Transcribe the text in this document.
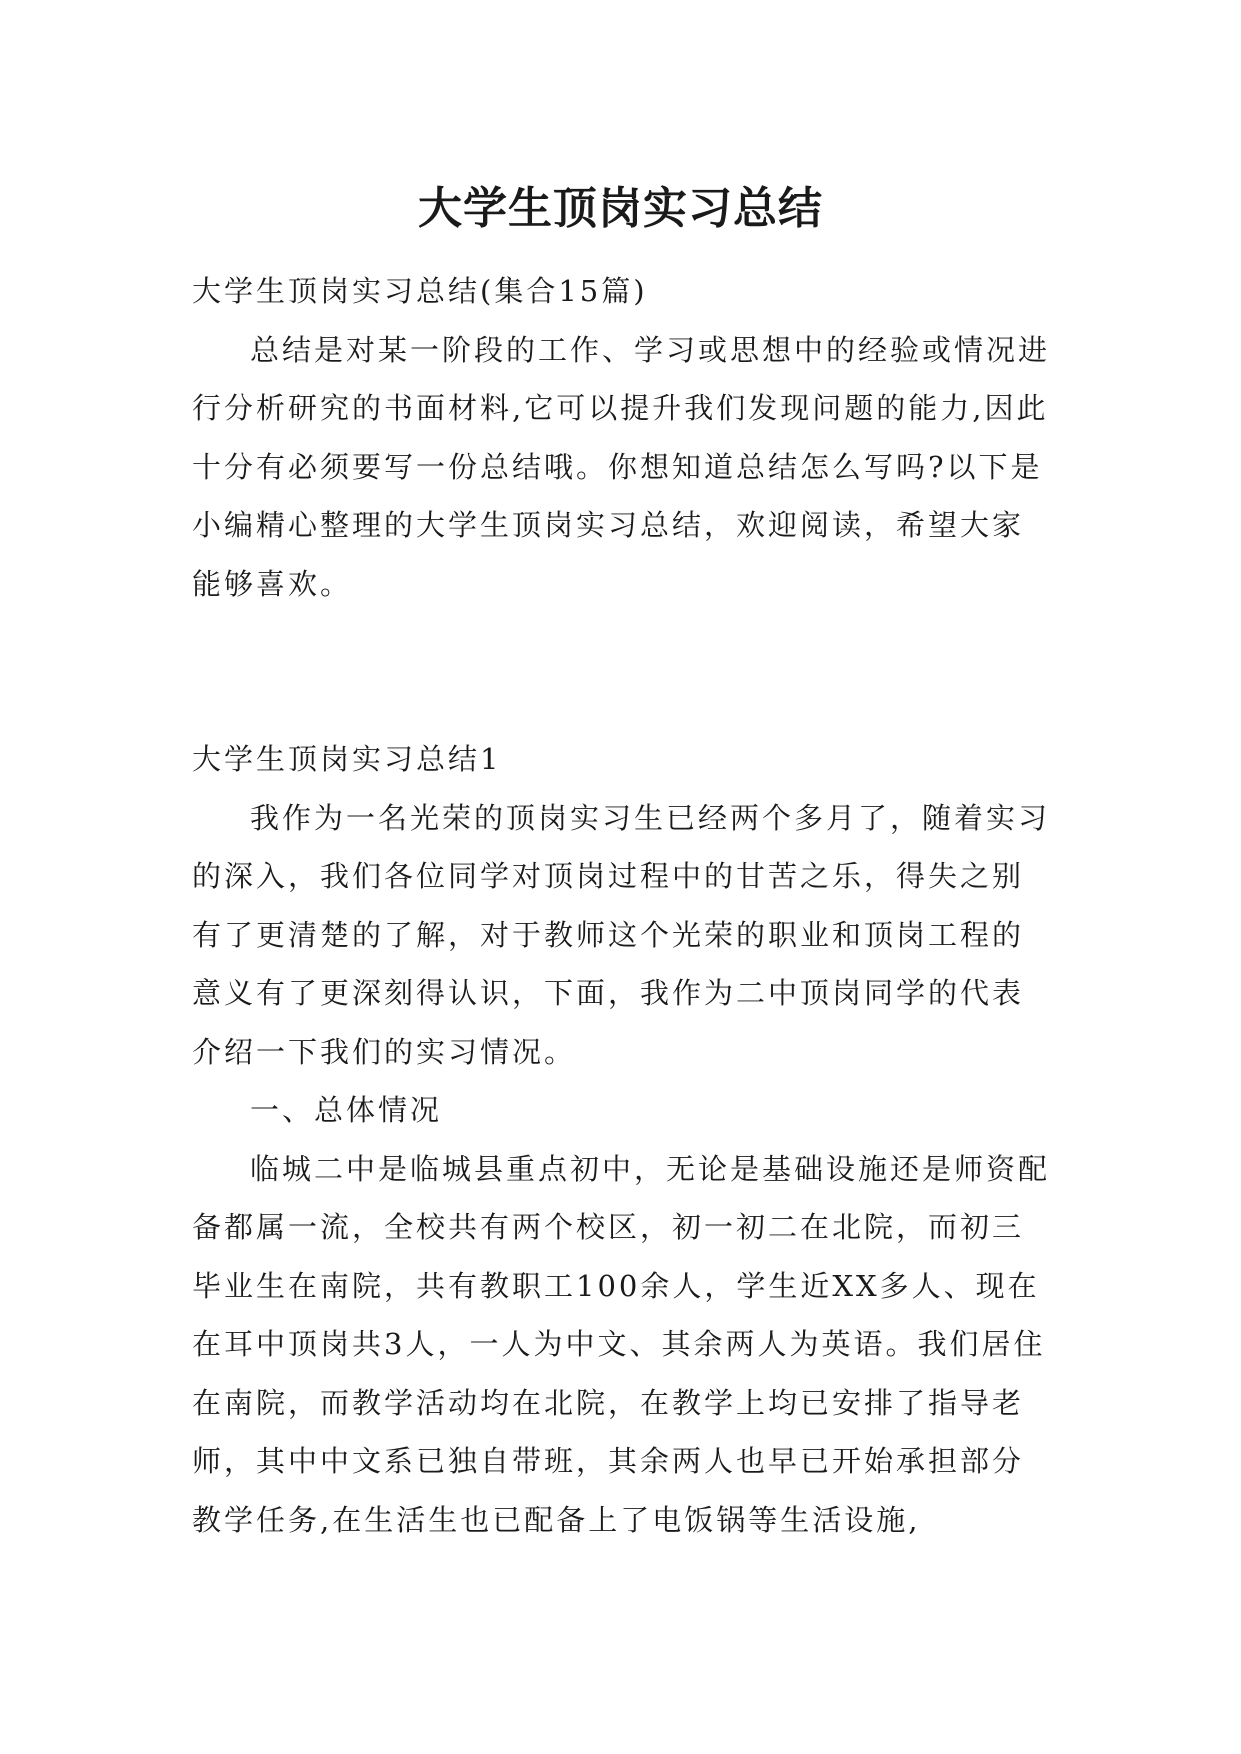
大学生顶岗实习总结

大学生顶岗实习总结(集合15篇)

总结是对某一阶段的工作、学习或思想中的经验或情况进行分析研究的书面材料,它可以提升我们发现问题的能力,因此十分有必须要写一份总结哦。你想知道总结怎么写吗?以下是小编精心整理的大学生顶岗实习总结，欢迎阅读，希望大家能够喜欢。

大学生顶岗实习总结1

我作为一名光荣的顶岗实习生已经两个多月了，随着实习的深入，我们各位同学对顶岗过程中的甘苦之乐，得失之别有了更清楚的了解，对于教师这个光荣的职业和顶岗工程的意义有了更深刻得认识，下面，我作为二中顶岗同学的代表介绍一下我们的实习情况。

一、总体情况

临城二中是临城县重点初中，无论是基础设施还是师资配备都属一流，全校共有两个校区，初一初二在北院，而初三毕业生在南院，共有教职工100余人，学生近XX多人、现在在耳中顶岗共3人，一人为中文、其余两人为英语。我们居住在南院，而教学活动均在北院，在教学上均已安排了指导老师，其中中文系已独自带班，其余两人也早已开始承担部分教学任务,在生活生也已配备上了电饭锅等生活设施,
